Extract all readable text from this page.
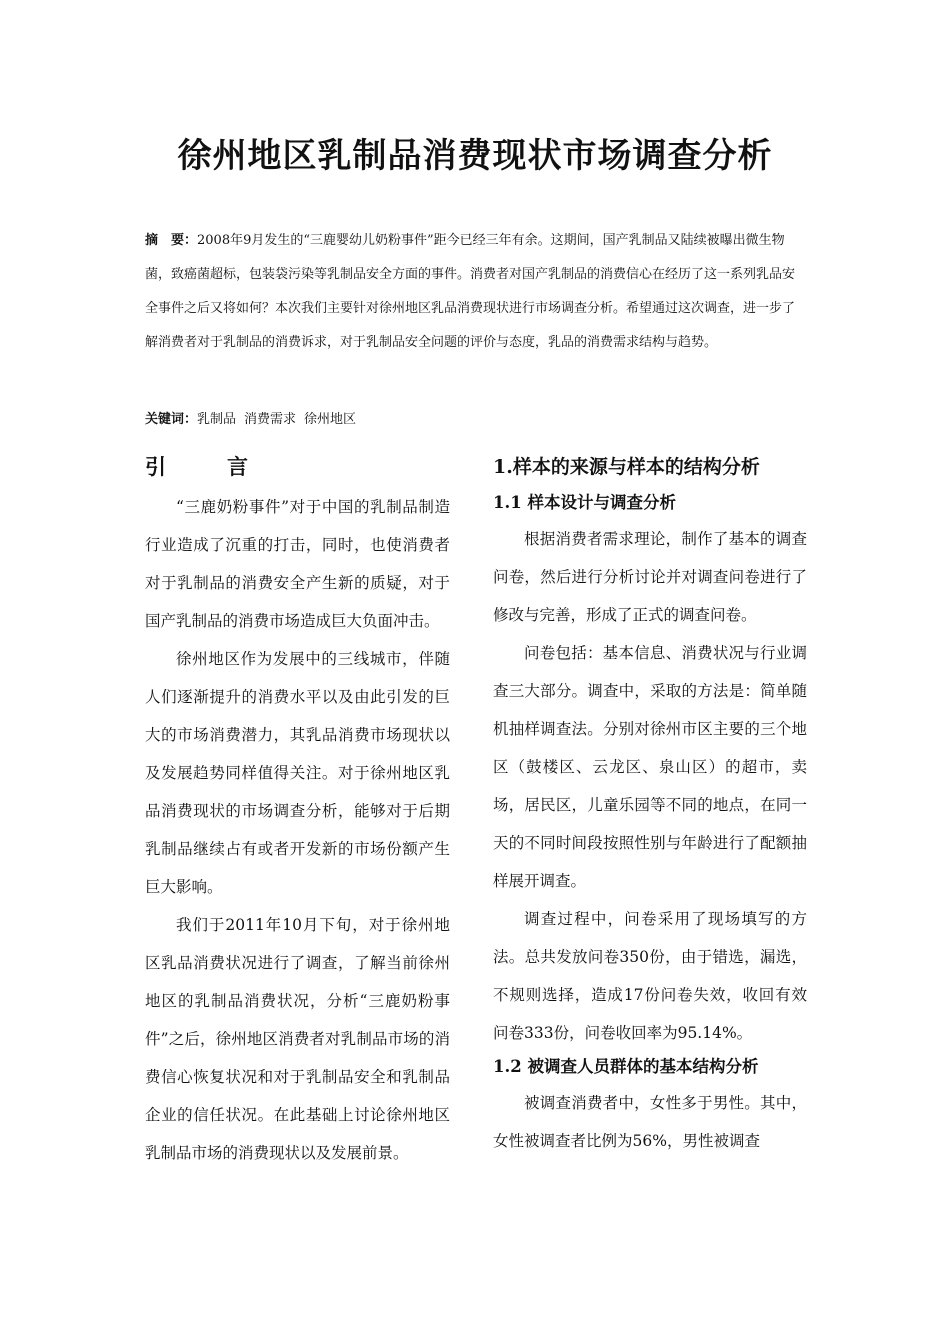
徐州地区乳制品消费现状市场调查分析
摘　要：2008年9月发生的“三鹿婴幼儿奶粉事件”距今已经三年有余。这期间，国产乳制品又陆续被曝出微生物菌，致癌菌超标，包装袋污染等乳制品安全方面的事件。消费者对国产乳制品的消费信心在经历了这一系列乳品安全事件之后又将如何？本次我们主要针对徐州地区乳品消费现状进行市场调查分析。希望通过这次调查，进一步了解消费者对于乳制品的消费诉求，对于乳制品安全问题的评价与态度，乳品的消费需求结构与趋势。
关键词：乳制品 消费需求 徐州地区
引　言

“三鹿奶粉事件”对于中国的乳制品制造行业造成了沉重的打击，同时，也使消费者对于乳制品的消费安全产生新的质疑，对于国产乳制品的消费市场造成巨大负面冲击。

徐州地区作为发展中的三线城市，伴随人们逐渐提升的消费水平以及由此引发的巨大的市场消费潜力，其乳品消费市场现状以及发展趋势同样值得关注。对于徐州地区乳品消费现状的市场调查分析，能够对于后期乳制品继续占有或者开发新的市场份额产生巨大影响。

我们于2011年10月下旬，对于徐州地区乳品消费状况进行了调查，了解当前徐州地区的乳制品消费状况，分析“三鹿奶粉事件”之后，徐州地区消费者对乳制品市场的消费信心恢复状况和对于乳制品安全和乳制品企业的信任状况。在此基础上讨论徐州地区乳制品市场的消费现状以及发展前景。

1.样本的来源与样本的结构分析
1.1 样本设计与调查分析

根据消费者需求理论，制作了基本的调查问卷，然后进行分析讨论并对调查问卷进行了修改与完善，形成了正式的调查问卷。

问卷包括：基本信息、消费状况与行业调查三大部分。调查中，采取的方法是：简单随机抽样调查法。分别对徐州市区主要的三个地区（鼓楼区、云龙区、泉山区）的超市，卖场，居民区，儿童乐园等不同的地点，在同一天的不同时间段按照性别与年龄进行了配额抽样展开调查。

调查过程中，问卷采用了现场填写的方法。总共发放问卷350份，由于错选，漏选，不规则选择，造成17份问卷失效，收回有效问卷333份，问卷收回率为95.14%。

1.2 被调查人员群体的基本结构分析

被调查消费者中，女性多于男性。其中，女性被调查者比例为56%，男性被调查
